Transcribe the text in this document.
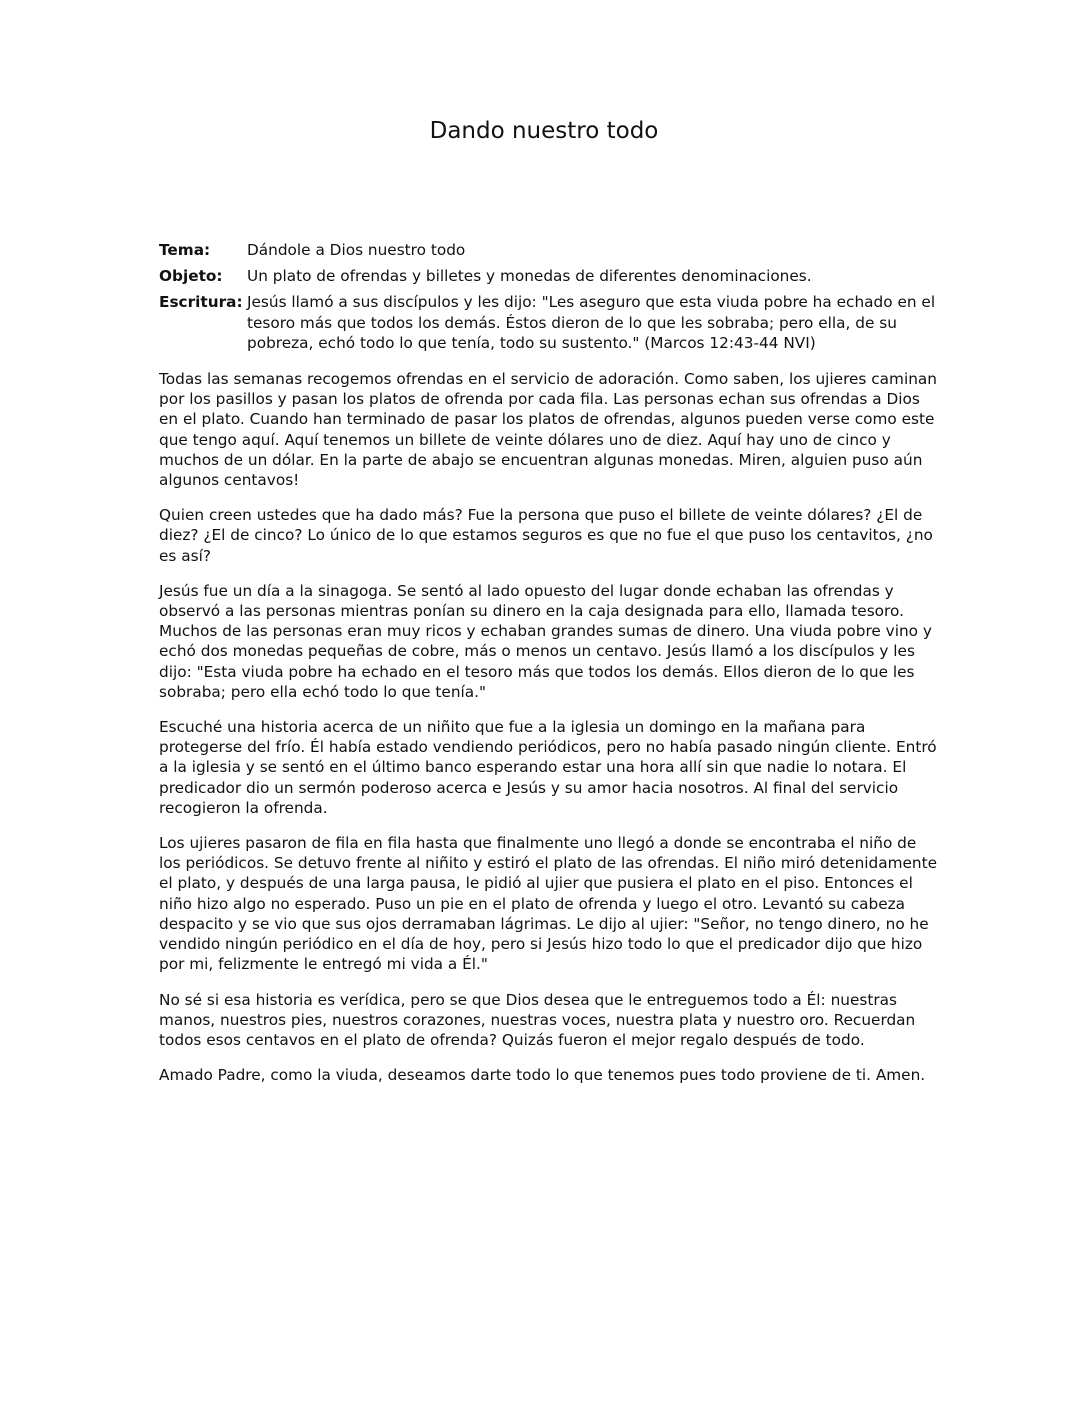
Dando nuestro todo
Tema:	Dándole a Dios nuestro todo
Objeto:	Un plato de ofrendas y billetes y monedas de diferentes denominaciones.
Escritura: Jesús llamó a sus discípulos y les dijo: "Les aseguro que esta viuda pobre ha echado en el tesoro más que todos los demás. Éstos dieron de lo que les sobraba; pero ella, de su pobreza, echó todo lo que tenía, todo su sustento." (Marcos 12:43-44 NVI)

Todas las semanas recogemos ofrendas en el servicio de adoración. Como saben, los ujieres caminan por los pasillos y pasan los platos de ofrenda por cada fila. Las personas echan sus ofrendas a Dios en el plato. Cuando han terminado de pasar los platos de ofrendas, algunos pueden verse como este que tengo aquí. Aquí tenemos un billete de veinte dólares uno de diez. Aquí hay uno de cinco y muchos de un dólar. En la parte de abajo se encuentran algunas monedas. Miren, alguien puso aún algunos centavos!

Quien creen ustedes que ha dado más? Fue la persona que puso el billete de veinte dólares? ¿El de diez? ¿El de cinco? Lo único de lo que estamos seguros es que no fue el que puso los centavitos, ¿no es así?

Jesús fue un día a la sinagoga. Se sentó al lado opuesto del lugar donde echaban las ofrendas y observó a las personas mientras ponían su dinero en la caja designada para ello, llamada tesoro. Muchos de las personas eran muy ricos y echaban grandes sumas de dinero. Una viuda pobre vino y echó dos monedas pequeñas de cobre, más o menos un centavo. Jesús llamó a los discípulos y les dijo: "Esta viuda pobre ha echado en el tesoro más que todos los demás. Ellos dieron de lo que les sobraba; pero ella echó todo lo que tenía."

Escuché una historia acerca de un niñito que fue a la iglesia un domingo en la mañana para protegerse del frío. Él había estado vendiendo periódicos, pero no había pasado ningún cliente. Entró a la iglesia y se sentó en el último banco esperando estar una hora allí sin que nadie lo notara. El predicador dio un sermón poderoso acerca e Jesús y su amor hacia nosotros. Al final del servicio recogieron la ofrenda.

Los ujieres pasaron de fila en fila hasta que finalmente uno llegó a donde se encontraba el niño de los periódicos. Se detuvo frente al niñito y estiró el plato de las ofrendas. El niño miró detenidamente el plato, y después de una larga pausa, le pidió al ujier que pusiera el plato en el piso. Entonces el niño hizo algo no esperado. Puso un pie en el plato de ofrenda y luego el otro. Levantó su cabeza despacito y se vio que sus ojos derramaban lágrimas. Le dijo al ujier: "Señor, no tengo dinero, no he vendido ningún periódico en el día de hoy, pero si Jesús hizo todo lo que el predicador dijo que hizo por mi, felizmente le entregó mi vida a Él."

No sé si esa historia es verídica, pero se que Dios desea que le entreguemos todo a Él: nuestras manos, nuestros pies, nuestros corazones, nuestras voces, nuestra plata y nuestro oro. Recuerdan todos esos centavos en el plato de ofrenda? Quizás fueron el mejor regalo después de todo.

Amado Padre, como la viuda, deseamos darte todo lo que tenemos pues todo proviene de ti. Amen.
